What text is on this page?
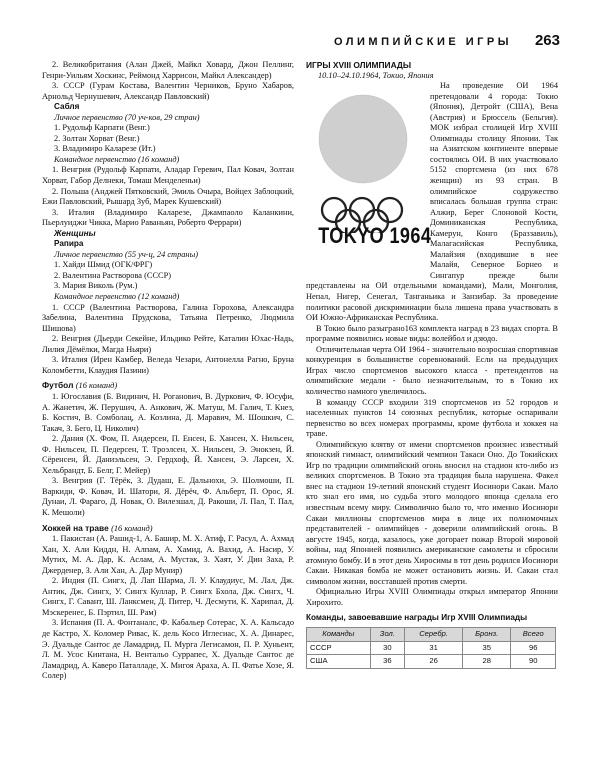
ОЛИМПИЙСКИЕ ИГРЫ 263

2. Великобритания (Алан Джей, Майкл Ховард, Джон Пеллинг, Генри-Уильям Хоскинс, Реймонд Харрисон, Майкл Александер)

3. СССР (Гурам Костава, Валентин Черников, Бруно Хабаров, Арнольд Чернушевич, Александр Павловский)

Сабля

Личное первенство (70 уч-ков, 29 стран)

1. Рудольф Карпати (Венг.)

2. Золтан Хорват (Венг.)

3. Владимиро Каларезе (Ит.)

Командное первенство (16 команд)

1. Венгрия (Рудольф Карпати, Аладар Геревич, Пал Ковач, Золтан Хорват, Габор Делнеки, Томаш Менделеньи)

2. Польша (Анджей Пятковский, Эмиль Очыра, Войцех Заблоцкий, Ежи Павловский, Рышард Зуб, Марек Кушевский)

3. Италия (Владимиро Каларезе, Джампаоло Каланкини, Пьерлуиджи Чикка, Марио Раваньян, Роберто Феррари)

Женщины

Рапира

Личное первенство (55 уч-ц, 24 страны)

1. Хайди Шмид (ОГК/ФРГ)

2. Валентина Растворова (СССР)

3. Мария Виколь (Рум.)

Командное первенство (12 команд)

1. СССР (Валентина Растворова, Галина Горохова, Александра Забелина, Валентина Прудскова, Татьяна Петренко, Людмила Шишова)

2. Венгрия (Дьерди Секейне, Ильдико Рейте, Каталин Юхас-Надь, Лилия Дёмёлки, Магда Ньяри)

3. Италия (Ирен Камбер, Веледа Чезари, Антонелла Рагно, Бруна Коломбетти, Клаудия Пазини)

Футбол (16 команд)

1. Югославия (Б. Видинич, Н. Роганович, В. Дуркович, Ф. Юсуфи, А. Жанетич, Ж. Перушич, А. Анкович, Ж. Матуш, М. Галич, Т. Кнез, Б. Костич, В. Сомболац, А. Козлина, Д. Маравич, М. Шошкич, С. Такач, З. Бего, Ц. Николич)

2. Дания (Х. Фом, П. Андерсен, П. Енсен, Б. Хансен, Х. Нильсен, Ф. Нильсен, П. Педерсен, Т. Троэлсен, Х. Нильсен, Э. Энокзен, Й. Сёренсен, Й. Даниэльсен, Э. Гердхоф, Й. Хансен, Э. Ларсен, Х. Хельбрандт, Б. Белг, Г. Мейер)

3. Венгрия (Г. Тёрёк, З. Дудаш, Е. Дальнохи, Э. Шолмоши, П. Варкиди, Ф. Ковач, И. Шатори, Я. Дёрёч, Ф. Альберт, П. Орос, Я. Дунаи, Л. Фараго, Д. Новак, О. Вилезшал, Д. Ракоши, Л. Пал, Т. Пал, К. Мешоли)

Хоккей на траве (16 команд)

1. Пакистан (А. Рашид-1, А. Башир, М. Х. Атиф, Г. Расул, А. Ахмад Хан, Х. Али Киддн, Н. Алпам, А. Хамид, А. Вахид, А. Насир, У. Мутиx, М. А. Дар, К. Аслам, А. Мустак, З. Хаят, У. Дин Заха, Р. Джерденер, З. Али Хан, А. Дар Мунир)

2. Индия (П. Сингх, Д. Лап Шарма, Л. У. Клаудиус, М. Лал, Дж. Антик, Дж. Сингх, У. Сингх Куллар, Р. Сингх Бхола, Дж. Сингх, Ч. Сингх, Г. Савант, Ш. Ланксмен, Д. Питер, Ч. Десмути, К. Харипал, Д. Мэскеренес, Б. Пэртил, Ш. Рам)

3. Испания (П. А. Фонтаналс, Ф. Кабальер Сотерас, Х. А. Кальсадо де Кастро, Х. Коломер Ривас, К. дель Косо Иглесиас, Х. А. Динарес, Э. Дуальде Сантос де Ламадрид, П. Мурга Легисамон, П. Р. Хуньент, Л. М. Усос Кинтана, Н. Вентальо Суррапес, Х. Дуальде Сантос де Ламадрид, А. Каверо Паталладе, Х. Мигоя Араха, А. П. Фатье Хозе, Я. Солер)

ИГРЫ XVIII ОЛИМПИАДЫ

10.10–24.10.1964, Токио, Япония

TOKYO 1964
На проведение ОИ 1964 претендовали 4 города: Токио (Япония), Детройт (США), Вена (Австрия) и Брюссель (Бельгия). МОК избрал столицей Игр XVIII Олимпиады столицу Японии. Так на Азиатском континенте впервые состоялись ОИ. В них участвовало 5152 спортсмена (из них 678 женщин) из 93 стран. В олимпийское содружество вписалась большая группа стран: Алжир, Берег Слоновой Кости, Доминиканская Республика, Камерун, Конго (Браззавиль), Малагасийская Республика, Малайзия (входившие в нее Малайя, Северное Борнео и Сингапур прежде были представлены на ОИ отдельными командами), Мали, Монголия, Непал, Нигер, Сенегал, Танганьика и Занзибар. За проведение политики расовой дискриминации была лишена права участвовать в ОИ Южно-Африканская Республика.

В Токио было разыграно163 комплекта наград в 23 видах спорта. В программе появились новые виды: волейбол и дзюдо.

Отличительная черта ОИ 1964 - значительно возросшая спортивная конкуренция в большинстве соревнований. Если на предыдущих Играх число спортсменов высокого класса - претендентов на олимпийские медали - было незначительным, то в Токио их количество намного увеличилось.

В команду СССР входили 319 спортсменов из 52 городов и населенных пунктов 14 союзных республик, которые оспаривали первенство во всех номерах программы, кроме футбола и хоккея на траве.

Олимпийскую клятву от имени спортсменов произнес известный японский гимнаст, олимпийский чемпион Такаси Оно. До Токийских Игр по традиции олимпийский огонь вносил на стадион кто-либо из великих спортсменов. В Токио эта традиция была нарушена. Факел внес на стадион 19-летний японский студент Иосинори Сакаи. Мало кто знал его имя, но судьба этого молодого японца сделала его известным всему миру. Символично было то, что именно Иосинори Сакаи миллионы спортсменов мира в лице их полномочных представителей - олимпийцев - доверили олимпийский огонь. В августе 1945, когда, казалось, уже догорает пожар Второй мировой войны, над Японией появились американские самолеты и сбросили атомную бомбу. И в этот день Хиросимы в тот день родился Иосинори Сакаи. Никакая бомба не может остановить жизнь. И. Сакаи стал символом жизни, восставшей против смерти.

Официально Игры XVIII Олимпиады открыл император Японии Хирохито.

Команды, завоевавшие награды Игр XVIII Олимпиады

Команды	Зол.	Серебр.	Бронз.	Всего
СССР	30	31	35	96
США	36	26	28	90
